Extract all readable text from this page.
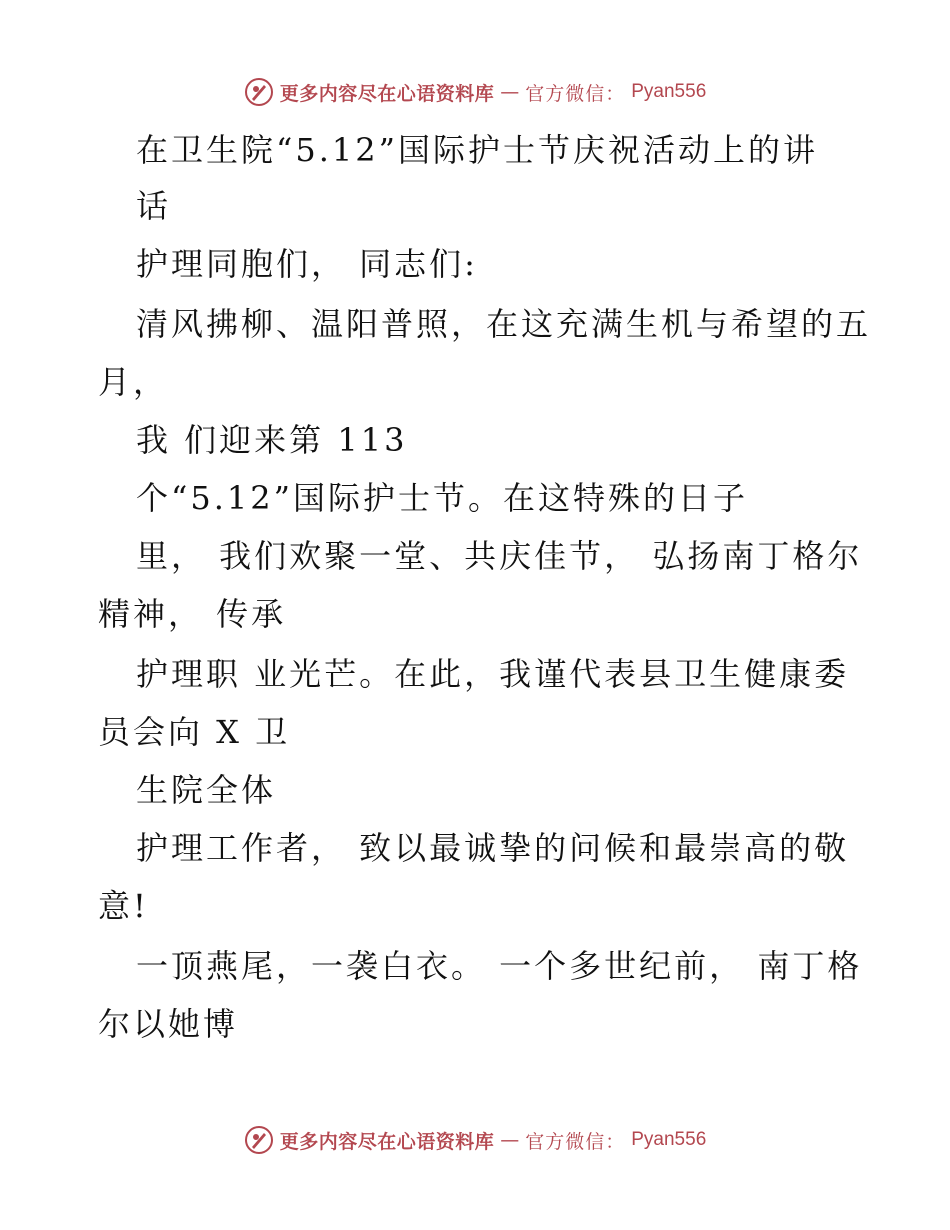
更多内容尽在心语资料库 — 官方微信： Pyan556
在卫生院“5.12”国际护士节庆祝活动上的讲
话
护理同胞们， 同志们:
清风拂柳、温阳普照，在这充满生机与希望的五
月，
我 们迎来第 113
个“5.12”国际护士节。在这特殊的日子
里， 我们欢聚一堂、共庆佳节， 弘扬南丁格尔
精神， 传承
护理职 业光芒。在此，我谨代表县卫生健康委
员会向 X 卫
生院全体
护理工作者， 致以最诚挚的问候和最崇高的敬
意!
一顶燕尾，一袭白衣。 一个多世纪前， 南丁格
尔以她博
更多内容尽在心语资料库 — 官方微信： Pyan556
